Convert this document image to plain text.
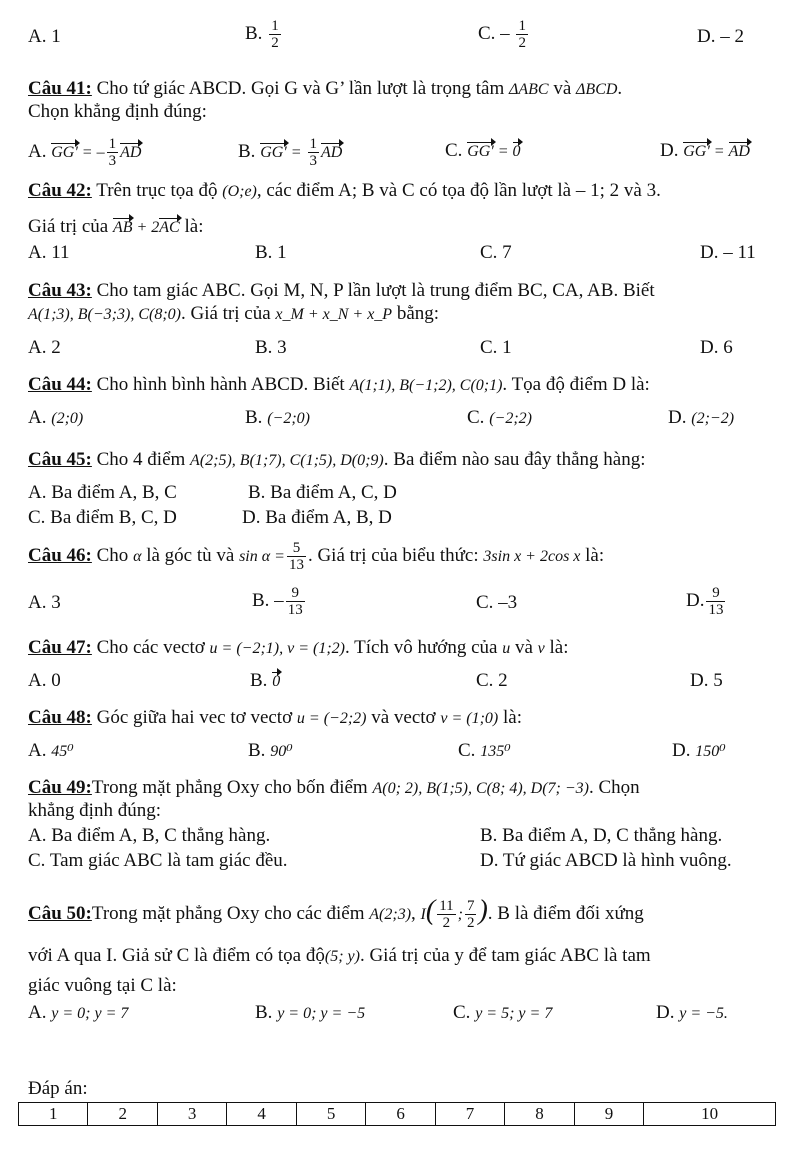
A. 1	B. $\frac{1}{2}$	C. – $\frac{1}{2}$	D. – 2
Câu 41: Cho tứ giác ABCD. Gọi G và G’ lần lượt là trọng tâm ΔABC và ΔBCD.
Chọn khẳng định đúng:
A. GG' = – $\frac{1}{3}$ AD	B. $GG' = \frac{1}{3}$ AD	C. GG' = 0	D. GG' = AD
Câu 42: Trên trục tọa độ (O;e), các điểm A; B và C có tọa độ lần lượt là – 1; 2 và 3.
Giá trị của AB + 2AC là:
A. 11	B. 1	C. 7	D. – 11
Câu 43: Cho tam giác ABC. Gọi M, N, P lần lượt là trung điểm BC, CA, AB. Biết
A(1;3), B(−3;3), C(8;0). Giá trị của x_M + x_N + x_P bằng:
A. 2	B. 3	C. 1	D. 6
Câu 44: Cho hình bình hành ABCD. Biết A(1;1), B(−1;2), C(0;1). Tọa độ điểm D là:
A. (2;0)	B. (−2;0)	C. (−2;2)	D. (2;−2)
Câu 45: Cho 4 điểm A(2;5), B(1;7), C(1;5), D(0;9). Ba điểm nào sau đây thẳng hàng:
A. Ba điểm A, B, C	B. Ba điểm A, C, D
C. Ba điểm B, C, D	D. Ba điểm A, B, D
Câu 46: Cho α là góc tù và $\sin \alpha = \frac{5}{13}$ . Giá trị của biểu thức: 3sin x + 2cos x là:
A. 3	B. – $\frac{9}{13}$	C. –3	D. $\frac{9}{13}$
Câu 47: Cho các vectơ u = (−2;1), v = (1;2). Tích vô hướng của u và v là:
A. 0	B. 0	C. 2	D. 5
Câu 48: Góc giữa hai vec tơ vectơ u = (−2;2) và vectơ v = (1;0) là:
A. 45⁰	B. 90⁰	C. 135⁰	D. 150⁰
Câu 49:Trong mặt phẳng Oxy cho bốn điểm A(0; 2), B(1;5), C(8; 4), D(7; −3). Chọn
khẳng định đúng:
A. Ba điểm A, B, C thẳng hàng.	B. Ba điểm A, D, C thẳng hàng.
C. Tam giác ABC là tam giác đều.	D. Tứ giác ABCD là hình vuông.
Câu 50:Trong mặt phẳng Oxy cho các điểm A(2;3), $I( \frac{11}{2}$ ; $\frac{7}{2}$ ). B là điểm đối xứng
với A qua I. Giả sử C là điểm có tọa độ(5; y). Giá trị của y để tam giác ABC là tam
giác vuông tại C là:
A. y = 0; y = 7	B. y = 0; y = −5	C. y = 5; y = 7	D. y = −5.
Đáp án:
1	2	3	4	5	6	7	8	9	10
